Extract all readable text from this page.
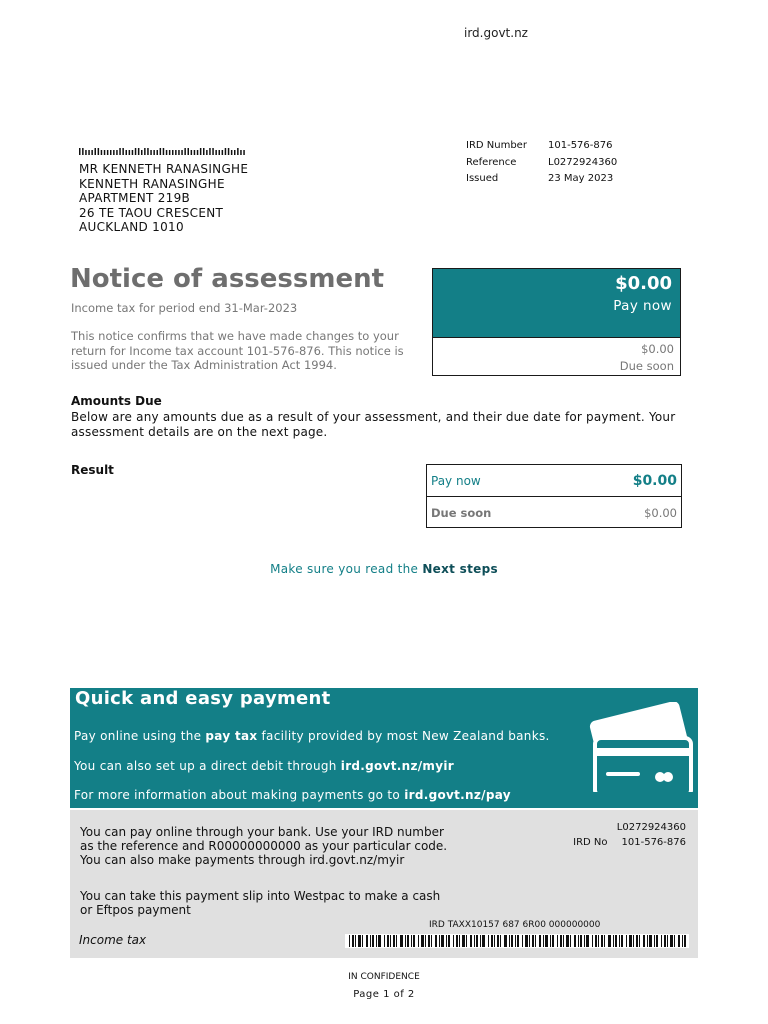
ird.govt.nz
MR KENNETH RANASINGHE
KENNETH RANASINGHE
APARTMENT 219B
26 TE TAOU CRESCENT
AUCKLAND 1010
IRD Number	101-576-876
Reference	L0272924360
Issued	23 May 2023
Notice of assessment
Income tax for period end 31-Mar-2023
This notice confirms that we have made changes to your return for Income tax account 101-576-876. This notice is issued under the Tax Administration Act 1994.
$0.00
Pay now
$0.00
Due soon
Amounts Due
Below are any amounts due as a result of your assessment, and their due date for payment. Your assessment details are on the next page.
Result
Pay now	$0.00
Due soon	$0.00
Make sure you read the Next steps
Quick and easy payment
Pay online using the pay tax facility provided by most New Zealand banks.
You can also set up a direct debit through ird.govt.nz/myir
For more information about making payments go to ird.govt.nz/pay
You can pay online through your bank. Use your IRD number as the reference and R00000000000 as your particular code. You can also make payments through ird.govt.nz/myir
You can take this payment slip into Westpac to make a cash or Eftpos payment
L0272924360
IRD No 101-576-876
IRD TAXX10157 687 6R00 000000000
Income tax
IN CONFIDENCE
Page 1 of 2
